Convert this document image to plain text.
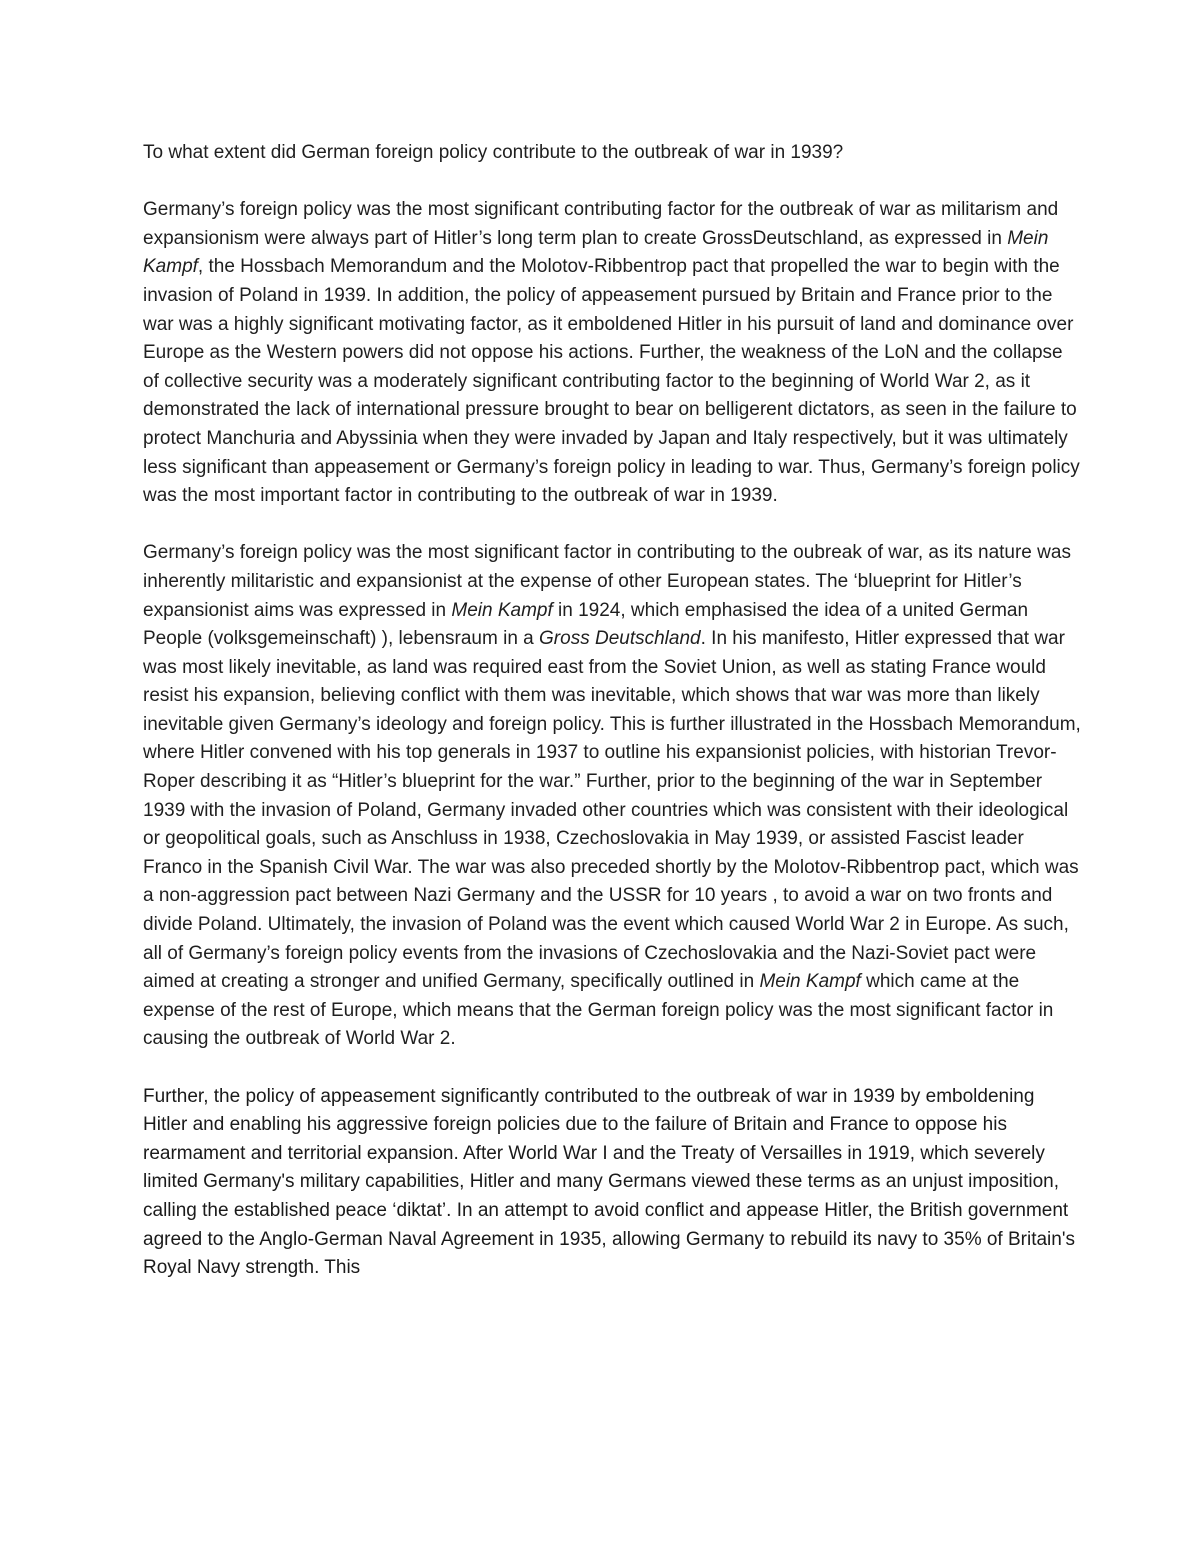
To what extent did German foreign policy contribute to the outbreak of war in 1939?

Germany’s foreign policy was the most significant contributing factor for the outbreak of war as militarism and expansionism were always part of Hitler’s long term plan to create GrossDeutschland, as expressed in Mein Kampf, the Hossbach Memorandum and the Molotov-Ribbentrop pact that propelled the war to begin with the invasion of Poland in 1939. In addition, the policy of appeasement pursued by Britain and France prior to the war was a highly significant motivating factor, as it emboldened Hitler in his pursuit of land and dominance over Europe as the Western powers did not oppose his actions. Further, the weakness of the LoN and the collapse of collective security was a moderately significant contributing factor to the beginning of World War 2, as it demonstrated the lack of international pressure brought to bear on belligerent dictators, as seen in the failure to protect Manchuria and Abyssinia when they were invaded by Japan and Italy respectively, but it was ultimately less significant than appeasement or Germany’s foreign policy in leading to war. Thus, Germany’s foreign policy was the most important factor in contributing to the outbreak of war in 1939.

Germany’s foreign policy was the most significant factor in contributing to the oubreak of war, as its nature was inherently militaristic and expansionist at the expense of other European states. The ‘blueprint for Hitler’s expansionist aims was expressed in Mein Kampf in 1924, which emphasised the idea of a united German People (volksgemeinschaft) ), lebensraum in a Gross Deutschland. In his manifesto, Hitler expressed that war was most likely inevitable, as land was required east from the Soviet Union, as well as stating France would resist his expansion, believing conflict with them was inevitable, which shows that war was more than likely inevitable given Germany’s ideology and foreign policy. This is further illustrated in the Hossbach Memorandum, where Hitler convened with his top generals in 1937 to outline his expansionist policies, with historian Trevor-Roper describing it as “Hitler’s blueprint for the war.” Further, prior to the beginning of the war in September 1939 with the invasion of Poland, Germany invaded other countries which was consistent with their ideological or geopolitical goals, such as Anschluss in 1938, Czechoslovakia in May 1939, or assisted Fascist leader Franco in the Spanish Civil War. The war was also preceded shortly by the Molotov-Ribbentrop pact, which was a non-aggression pact between Nazi Germany and the USSR for 10 years , to avoid a war on two fronts and divide Poland. Ultimately, the invasion of Poland was the event which caused World War 2 in Europe. As such, all of Germany’s foreign policy events from the invasions of Czechoslovakia and the Nazi-Soviet pact were aimed at creating a stronger and unified Germany, specifically outlined in Mein Kampf which came at the expense of the rest of Europe, which means that the German foreign policy was the most significant factor in causing the outbreak of World War 2.

Further, the policy of appeasement significantly contributed to the outbreak of war in 1939 by emboldening Hitler and enabling his aggressive foreign policies due to the failure of Britain and France to oppose his rearmament and territorial expansion. After World War I and the Treaty of Versailles in 1919, which severely limited Germany's military capabilities, Hitler and many Germans viewed these terms as an unjust imposition, calling the established peace ‘diktat’. In an attempt to avoid conflict and appease Hitler, the British government agreed to the Anglo-German Naval Agreement in 1935, allowing Germany to rebuild its navy to 35% of Britain's Royal Navy strength. This
